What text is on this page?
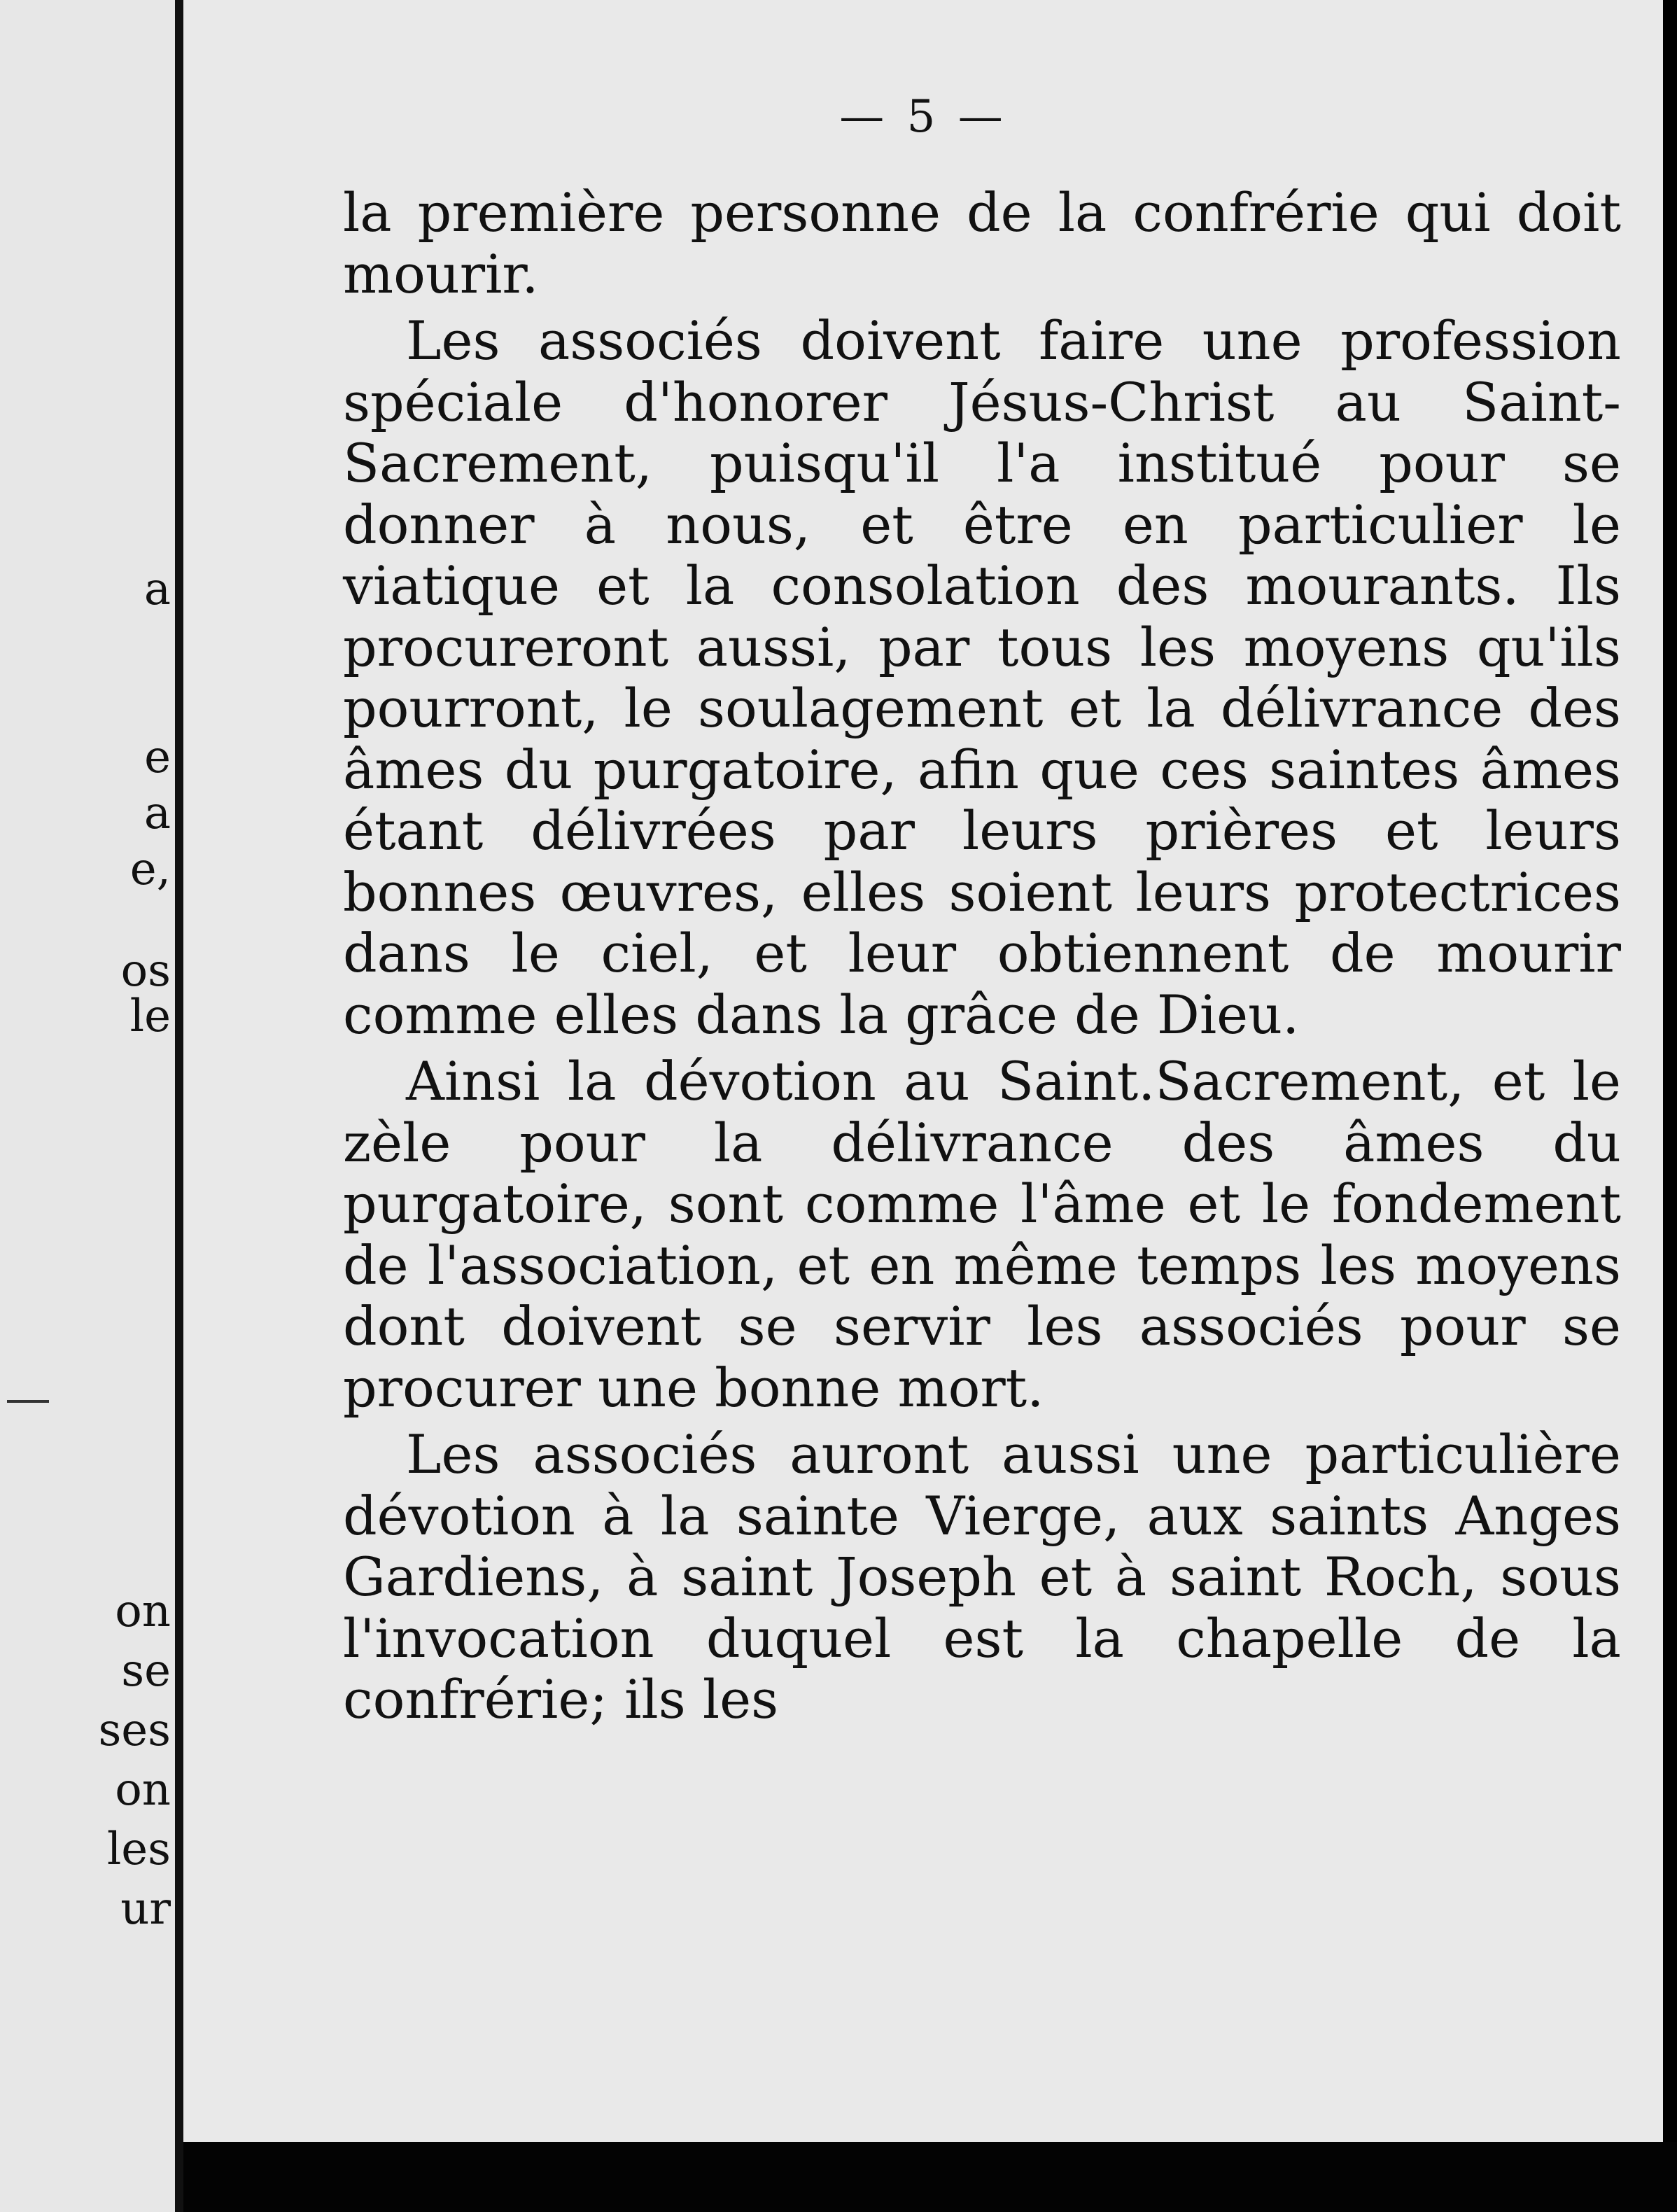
a

e

a

e,

os

le

on

se

ses

on

les

ur

— 5 —

la première personne de la confrérie qui doit mourir.

Les associés doivent faire une profession spéciale d'honorer Jésus-Christ au Saint-Sacrement, puisqu'il l'a institué pour se donner à nous, et être en particulier le viatique et la consolation des mourants. Ils procureront aussi, par tous les moyens qu'ils pourront, le soulagement et la délivrance des âmes du purgatoire, afin que ces saintes âmes étant délivrées par leurs prières et leurs bonnes œuvres, elles soient leurs protectrices dans le ciel, et leur obtiennent de mourir comme elles dans la grâce de Dieu.

Ainsi la dévotion au Saint.Sacrement, et le zèle pour la délivrance des âmes du purgatoire, sont comme l'âme et le fondement de l'association, et en même temps les moyens dont doivent se servir les associés pour se procurer une bonne mort.

Les associés auront aussi une particulière dévotion à la sainte Vierge, aux saints Anges Gardiens, à saint Joseph et à saint Roch, sous l'invocation duquel est la chapelle de la confrérie; ils les
